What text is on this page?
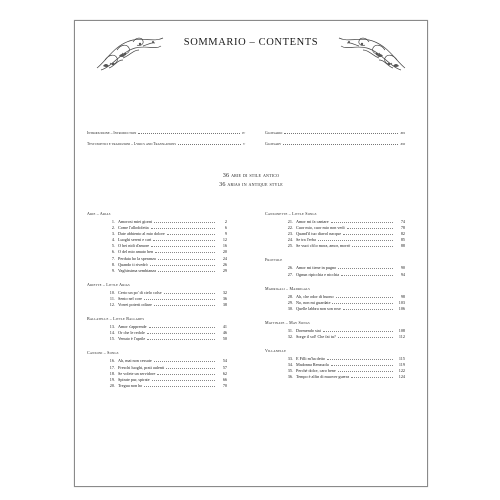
SOMMARIO – CONTENTS
Introduzione – Introduction	iv
Testi poetici e traduzioni – Lyrics and Translations	v
Glossario	xix
Glossary	xxi
36 arie di stile antico
36 arias in antique style
Arie – Arias
1. Amorosi miei giorni	2
2. Come l'allodoletta	6
3. Date abbiento al mio dolore	9
4. Luoghi sereni e cari	12
5. O bei nidi d'amore	16
6. O del mio amato ben	20
7. Perduta ho la speranza	24
8. Quando ti rivedrò	26
9. Vaghissima sembianza	29
Ariette – Little Arias
10. Certo un po' di cielo colse	32
11. Sento nel core	36
12. Vorrei poterti odiare	38
Ballatelle – Little Ballades
13. Amor s'apprende	41
14. Or che le redole	46
15. Venuto è l'aprile	50
Canzoni – Songs
16. Ah, mai non cessate	54
17. Freschi luoghi, prati aulenti	57
18. Se volete un servidore	62
19. Spirate pur, spirate	66
20. Tregua non ho	70
Canzonette – Little Songs
21. Amor mi fa cantare	74
22. Cuor mio, cuor mio non vedi	78
23. Quand'il tuo diavol nacque	82
24. Se tra l'erba	85
25. Se vuoi ch'io mora, amor, morrò	88
Frottole
26. Amor mi tiene in pugno	90
27. Ognun ripicchia e nicchia	94
Madrigali – Madrigals
28. Ah, che odor di buono	98
29. No, non mi guardate	103
30. Quelle labbra non son rose	106
Mattinate – May Songs
31. Dormendo stai	108
32. Sorge il sol! Che fai tu?	112
Villanelle
33. E Filli m'ha detto	115
34. Madonna Renzuola	119
35. Perché dolce, caro bene	122
36. Tempo è alfin di muover guerra	124
